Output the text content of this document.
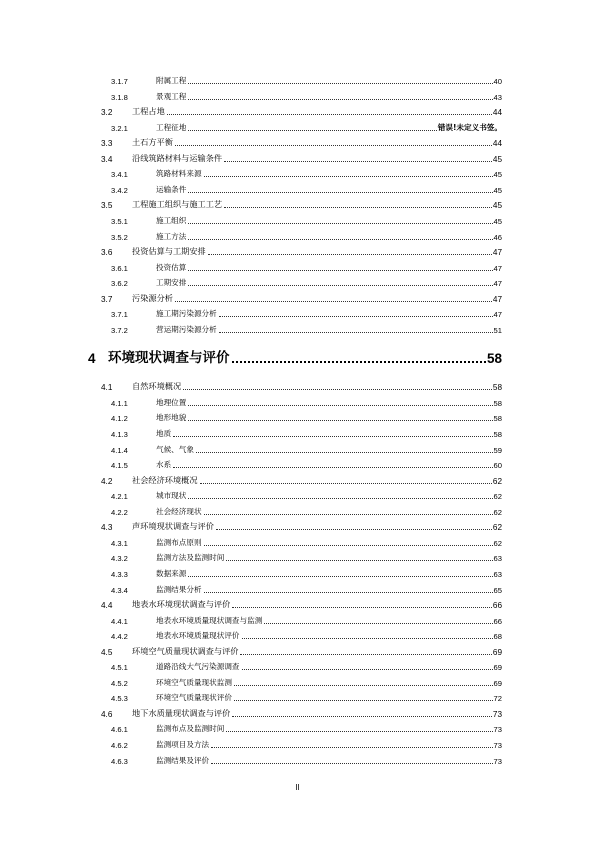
3.1.7	附属工程	40
3.1.8	景观工程	43
3.2	工程占地	44
3.2.1	工程征地	错误!未定义书签。
3.3	土石方平衡	44
3.4	沿线筑路材料与运输条件	45
3.4.1	筑路材料来源	45
3.4.2	运输条件	45
3.5	工程施工组织与施工工艺	45
3.5.1	施工组织	45
3.5.2	施工方法	46
3.6	投资估算与工期安排	47
3.6.1	投资估算	47
3.6.2	工期安排	47
3.7	污染源分析	47
3.7.1	施工期污染源分析	47
3.7.2	营运期污染源分析	51
4 环境现状调查与评价	58
4.1	自然环境概况	58
4.1.1	地理位置	58
4.1.2	地形地貌	58
4.1.3	地质	58
4.1.4	气候、气象	59
4.1.5	水系	60
4.2	社会经济环境概况	62
4.2.1	城市现状	62
4.2.2	社会经济现状	62
4.3	声环境现状调查与评价	62
4.3.1	监测布点原则	62
4.3.2	监测方法及监测时间	63
4.3.3	数据来源	63
4.3.4	监测结果分析	65
4.4	地表水环境现状调查与评价	66
4.4.1	地表水环境质量现状调查与监测	66
4.4.2	地表水环境质量现状评价	68
4.5	环境空气质量现状调查与评价	69
4.5.1	道路沿线大气污染源调查	69
4.5.2	环境空气质量现状监测	69
4.5.3	环境空气质量现状评价	72
4.6	地下水质量现状调查与评价	73
4.6.1	监测布点及监测时间	73
4.6.2	监测项目及方法	73
4.6.3	监测结果及评价	73
II
